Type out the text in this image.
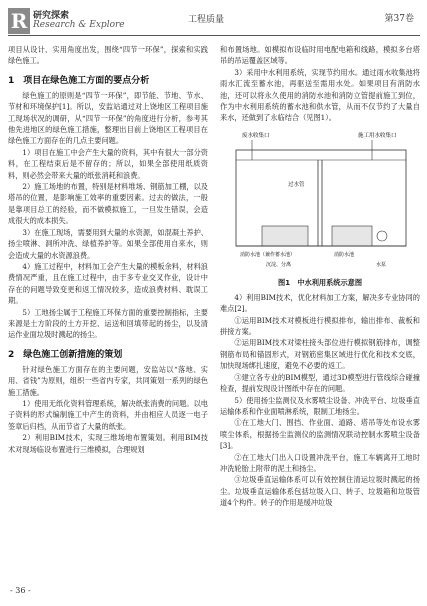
R 研究探索
Research & Explore	工程质量	第37卷

项目从设计、实用角度出发，围绕“四节一环保”，探索和实践绿色施工。

1　项目在绿色施工方面的要点分析

绿色施工的原则是“四节一环保”，即节能、节地、节水、节材和环境保护[1]。所以，安监站通过对上饶地区工程项目施工现场状况的调研，从“四节一环保”的角度进行分析，参考其他先进地区的绿色施工措施，整理出目前上饶地区工程项目在绿色施工方面存在的几点主要问题。

1）项目在施工中会产生大量的资料，其中有很大一部分资料，在工程结束后是不留存的；所以，如果全部使用纸质资料，则必然会带来大量的纸张消耗和浪费。

2）施工场地的布置，特别是材料堆场、钢筋加工棚，以及塔吊的位置，是影响施工效率的重要因素。过去的做法，一般是靠项目总工的经验，而不做模拟施工，一旦发生错误，会造成很大的成本损失。

3）在施工现场，需要用到大量的水资源，如混凝土养护、扬尘喷淋、洞所冲洗、绿植养护等。如果全部使用自来水，则会造成大量的水资源浪费。

4）施工过程中，材料加工会产生大量的模板余料，材料浪费情况严重，且在施工过程中，由于多专业交叉作业，设计中存在的问题导致变更和返工情况较多，造成浪费材料、耽误工期。

5）工地扬尘属于工程施工环保方面的重要控制指标，主要来源是土方阶段的土方开挖、运送和回填带起的扬尘，以及清运作业面垃圾时溅起的扬尘。

2　绿色施工创新措施的策划

针对绿色施工方面存在的主要问题，安监站以“落地、实用、省钱”为原则，组织一些省内专家，共同策划一系列的绿色施工措施。

1）使用无纸化资料管理系统，解决纸张消费的问题。以电子资料的形式编制施工中产生的资料，并由相应人员逐一电子签章后归档，从而节省了大量的纸张。

2）利用BIM技术，实现三维场地布置策划。利用BIM技术对现场临设布置进行三维模拟，合理规划

和布置场地。如模拟布设临时用电配电箱和线路，模拟多台塔吊的吊运覆盖区域等。

3）采用中水利用系统，实现节约用水。通过雨水收集池将雨水汇流至蓄水池，再驱送至需用水处。如果项目有消防水池，还可以将永久使用的消防水池和消防立管提前施工到位，作为中水利用系统的蓄水池和供水管，从而不仅节约了大量自来水，还做到了永临结合（见图1）。

废水收集口	施工用水收集口
过水管
消防水池（兼作蓄水池）	消防水池
沉淀、分离	水泵
图1　中水利用系统示意图

4）利用BIM技术，优化材料加工方案，解决多专业协同的难点[2]。

①运用BIM技术对模板进行模拟排布，输出排布、裁板和拼接方案。

②运用BIM技术对梁柱接头部位进行模拟钢筋排布，调整钢筋布局和锚固形式，对钢筋密集区域进行优化和技术交底，加快现场绑扎速度，避免不必要的返工。

③建立各专业的BIM模型，通过3D模型进行管线综合碰撞检查，提前发现设计图纸中存在的问题。

5）使用扬尘监测仪及水雾喷尘设备、冲洗平台、垃圾垂直运输体系和作业面喷淋系统，限制工地扬尘。

①在工地大门、围挡、作业面、道路、塔吊等处布设水雾喷尘体系，根据扬尘监测仪的监测情况联动控制水雾喷尘设备[3]。

②在工地大门出入口设置冲洗平台，施工车辆离开工地时冲洗轮胎上附带的泥土和扬尘。

③垃圾垂直运输体系可以有效控制住清运垃圾时溅起的扬尘。垃圾垂直运输体系包括垃圾入口、转子、垃圾箱和垃圾管道4个构件。转子的作用是缓冲垃圾

- 36 -
